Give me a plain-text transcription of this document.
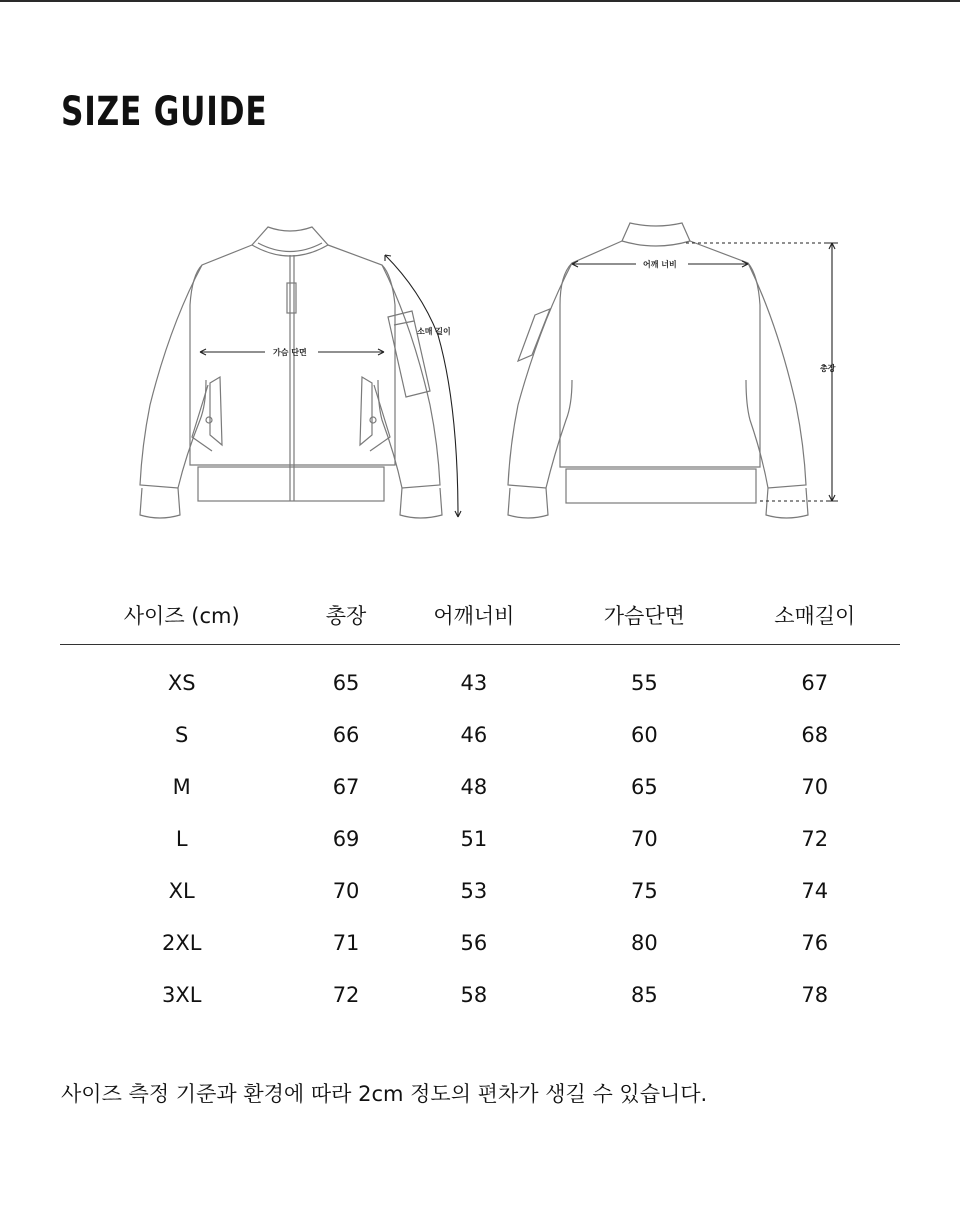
SIZE GUIDE
가슴 단면
소매 길이
어깨 너비
총장
사이즈 (cm)	총장	어깨너비	가슴단면	소매길이
XS	65	43	55	67
S	66	46	60	68
M	67	48	65	70
L	69	51	70	72
XL	70	53	75	74
2XL	71	56	80	76
3XL	72	58	85	78

사이즈 측정 기준과 환경에 따라 2cm 정도의 편차가 생길 수 있습니다.
